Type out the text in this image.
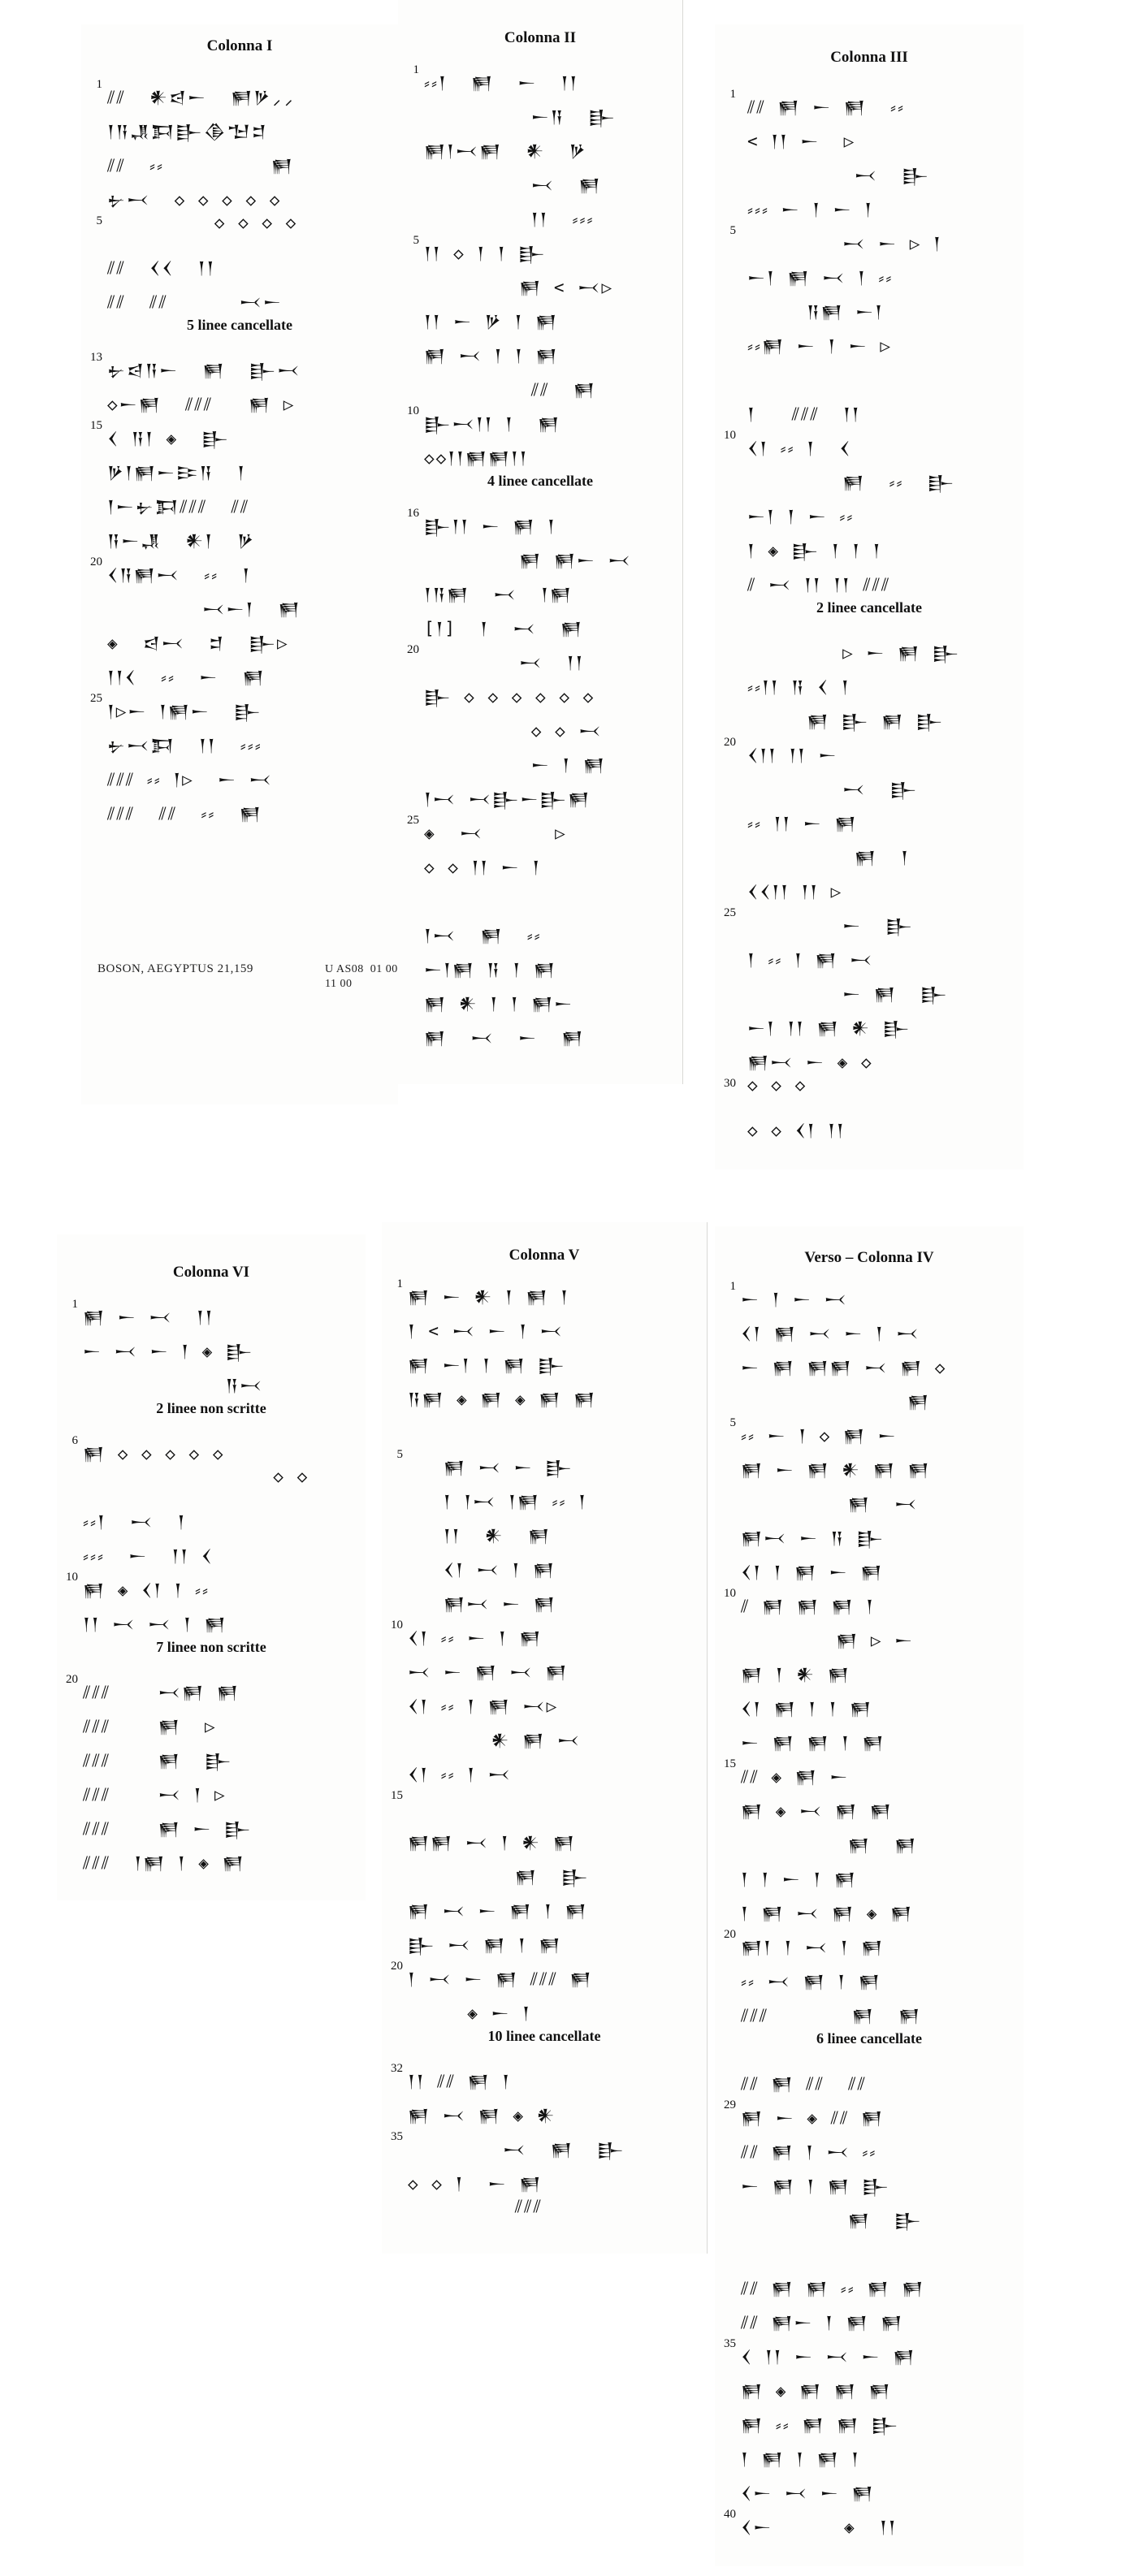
Colonna I
1
⫽⫽  𒀭𒁀𒀸  𒂍𒃻⸝⸝
𒁹𒀀𒂗𒁕𒃲𒆠𒈠𒄑
⫽⫽  ⸗⸗         𒂍
𒉡𒁁  ◇ ◇ ◇ ◇ ◇
5 ◇ ◇ ◇ ◇
⫽⫽  𒌋𒌋  𒁹𒁹
⫽⫽  ⫽⫽      𒁁𒀸
5 linee cancellate
13
𒉡𒁀𒀀𒀸  𒂍  𒃲𒁁
◇𒀸𒂍  ⫽⫽⫽   𒂍 ▷
15
𒌋 𒀀𒁹 ◈  𒃲
𒃻𒁹𒂍𒀸𒄿𒀀  𒁹
𒁹𒀸𒉡𒁕⫽⫽⫽  ⫽⫽
𒀀𒀸𒂗  𒀭𒁹  𒃻
20
𒌋𒀀𒂍𒁁  ⸗⸗  𒁹
𒁁𒀸𒁹  𒂍
◈  𒁀𒁁  𒄑  𒃲▷
𒁹𒁹𒌋  ⸗⸗  𒀸  𒂍
25
𒁹▷𒀸 𒁹𒂍𒀸  𒃲
𒉡𒁁𒁕  𒁹𒁹  ⸗⸗⸗
⫽⫽⫽ ⸗⸗ 𒁹▷  𒀸 𒁁
⫽⫽⫽  ⫽⫽  ⸗⸗  𒂍
BOSON, AEGYPTUS 21,159	U AS08  01 00
11 00
Colonna II
1
⸗⸗𒁹  𒂍  𒀸  𒁹𒁹
𒀸𒀀  𒃲
𒂍𒁹𒁁𒂍  𒀭  𒃻
𒁁  𒂍
𒁹𒁹  ⸗⸗⸗
5
𒁹𒁹 ◇ 𒁹 𒁹 𒃲
𒂍 < 𒁁▷
𒁹𒁹 𒀸 𒃻 𒁹 𒂍
𒂍 𒁁 𒁹 𒁹 𒂍
⫽⫽  𒂍
10
𒃲𒁁𒁹𒁹 𒁹  𒂍
◇◇𒁹𒁹𒂍𒂍𒁹𒁹
4 linee cancellate
16
𒃲𒁹𒁹 𒀸 𒂍 𒁹
𒂍 𒂍𒀸 𒁁
𒁹𒀀𒂍  𒁁  𒁹𒂍
[𒁹]  𒁹  𒁁  𒂍
20
𒁁  𒁹𒁹
𒃲 ◇ ◇ ◇ ◇ ◇ ◇
◇ ◇ 𒁁
𒀸 𒁹 𒂍
𒁹𒁁 𒁁𒃲𒀸𒃲𒂍
25
◈  𒁁      ▷
◇ ◇ 𒁹𒁹 𒀸 𒁹
𒁹𒁁  𒂍  ⸗⸗
𒀸𒁹𒂍 𒀀 𒁹 𒂍
𒂍 𒀭 𒁹 𒁹 𒂍𒀸
𒂍  𒁁  𒀸  𒂍
Colonna III
1
⫽⫽ 𒂍 𒀸 𒂍  ⸗⸗
< 𒁹𒁹 𒀸  ▷
𒁁  𒃲
⸗⸗⸗ 𒀸 𒁹 𒀸 𒁹
5
𒁁 𒀸 ▷ 𒁹
𒀸𒁹 𒂍 𒁁 𒁹 ⸗⸗
𒀀𒂍 𒀸𒁹
⸗⸗𒂍 𒀸 𒁹 𒀸 ▷
𒁹   ⫽⫽⫽  𒁹𒁹
10
𒌋𒁹 ⸗⸗ 𒁹  𒌋
𒂍  ⸗⸗  𒃲
𒀸𒁹 𒁹 𒀸 ⸗⸗
𒁹 ◈ 𒃲 𒁹 𒁹 𒁹
⫽ 𒁁 𒁹𒁹 𒁹𒁹 ⫽⫽⫽
2 linee cancellate
▷ 𒀸 𒂍 𒃲
⸗⸗𒁹𒁹 𒀀 𒌋 𒁹
𒂍 𒃲 𒂍 𒃲
20
𒌋𒁹𒁹 𒁹𒁹 𒀸
𒁁  𒃲
⸗⸗ 𒁹𒁹 𒀸 𒂍
𒂍  𒁹
𒌋𒌋𒁹𒁹 𒁹𒁹 ▷
25
𒀸  𒃲
𒁹 ⸗⸗ 𒁹 𒂍 𒁁
𒀸 𒂍  𒃲
𒀸𒁹 𒁹𒁹 𒂍 𒀭 𒃲
𒂍𒁁 𒀸 ◈ ◇
30 ◇ ◇ ◇
◇ ◇ 𒌋𒁹 𒁹𒁹
Colonna VI
1
𒂍 𒀸 𒁁  𒁹𒁹
𒀸 𒁁 𒀸 𒁹 ◈ 𒃲
𒀀𒁁
2 linee non scritte
6
𒂍 ◇ ◇ ◇ ◇ ◇
◇ ◇
⸗⸗𒁹  𒁁  𒁹
⸗⸗⸗  𒀸  𒁹𒁹 𒌋
10
𒂍 ◈ 𒌋𒁹 𒁹 ⸗⸗
𒁹𒁹 𒁁 𒁁 𒁹 𒂍
7 linee non scritte
20
⫽⫽⫽    𒁁𒂍 𒂍
⫽⫽⫽    𒂍  ▷
⫽⫽⫽    𒂍  𒃲
⫽⫽⫽    𒁁 𒁹 ▷
⫽⫽⫽    𒂍 𒀸 𒃲
⫽⫽⫽  𒁹𒂍 𒁹 ◈ 𒂍
Colonna V
1
𒂍 𒀸 𒀭 𒁹 𒂍 𒁹
𒁹 < 𒁁 𒀸 𒁹 𒁁
𒂍 𒀸𒁹 𒁹 𒂍 𒃲
𒀀𒂍 ◈ 𒂍 ◈ 𒂍 𒂍
5
𒂍 𒁁 𒀸 𒃲
𒁹 𒁹𒁁 𒁹𒂍 ⸗⸗ 𒁹
𒁹𒁹  𒀭  𒂍
𒌋𒁹 𒁁 𒁹 𒂍
𒂍𒁁 𒀸 𒂍
10
𒌋𒁹 ⸗⸗ 𒀸 𒁹 𒂍
𒁁 𒀸 𒂍 𒁁 𒂍
𒌋𒁹 ⸗⸗ 𒁹 𒂍 𒁁▷
𒀭 𒂍 𒁁
𒌋𒁹 ⸗⸗ 𒁹 𒁁
15
𒂍𒂍 𒁁 𒁹 𒀭 𒂍
𒂍  𒃲
𒂍 𒁁 𒀸 𒂍 𒁹 𒂍
𒃲 𒁁 𒂍 𒁹 𒂍
20
𒁹 𒁁 𒀸 𒂍 ⫽⫽⫽ 𒂍
◈ 𒀸 𒁹
10 linee cancellate
32
𒁹𒁹 ⫽⫽ 𒂍 𒁹
𒂍 𒁁 𒂍 ◈ 𒀭
35
𒁁  𒂍  𒃲
◇ ◇ 𒁹  𒀸 𒂍
⫽⫽⫽
Verso – Colonna IV
1
𒀸 𒁹 𒀸 𒁁
𒌋𒁹 𒂍 𒁁 𒀸 𒁹 𒁁
𒀸 𒂍 𒂍𒂍 𒁁 𒂍 ◇
𒂍
5
⸗⸗ 𒀸 𒁹 ◇ 𒂍 𒀸
𒂍 𒀸 𒂍 𒀭 𒂍 𒂍
𒂍  𒁁
𒂍𒁁 𒀸 𒀀 𒃲
𒌋𒁹 𒁹 𒂍 𒀸 𒂍
10
⫽ 𒂍 𒂍 𒂍 𒁹
𒂍 ▷ 𒀸
𒂍 𒁹 𒀭 𒂍
𒌋𒁹 𒂍 𒁹 𒁹 𒂍
𒀸 𒂍 𒂍 𒁹 𒂍
15
⫽⫽ ◈ 𒂍 𒀸
𒂍 ◈ 𒁁 𒂍 𒂍
𒂍  𒂍
𒁹 𒁹 𒀸 𒁹 𒂍
𒁹 𒂍 𒁁 𒂍 ◈ 𒂍
20
𒂍𒁹 𒁹 𒁁 𒁹 𒂍
⸗⸗ 𒁁 𒂍 𒁹 𒂍
⫽⫽⫽       𒂍  𒂍
6 linee cancellate
⫽⫽ 𒂍 ⫽⫽  ⫽⫽
29
𒂍 𒀸 ◈ ⫽⫽ 𒂍
⫽⫽ 𒂍 𒁹 𒁁 ⸗⸗
𒀸 𒂍 𒁹 𒂍 𒃲
𒂍  𒃲
⫽⫽ 𒂍 𒂍 ⸗⸗ 𒂍 𒂍
⫽⫽ 𒂍𒀸 𒁹 𒂍 𒂍
35
𒌋 𒁹𒁹 𒀸 𒁁 𒀸 𒂍
𒂍 ◈ 𒂍 𒂍 𒂍
𒂍 ⸗⸗ 𒂍 𒂍 𒃲
𒁹 𒂍 𒁹 𒂍 𒁹
𒌋𒀸 𒁁 𒀸 𒂍
40
𒌋𒀸      ◈  𒁹𒁹
